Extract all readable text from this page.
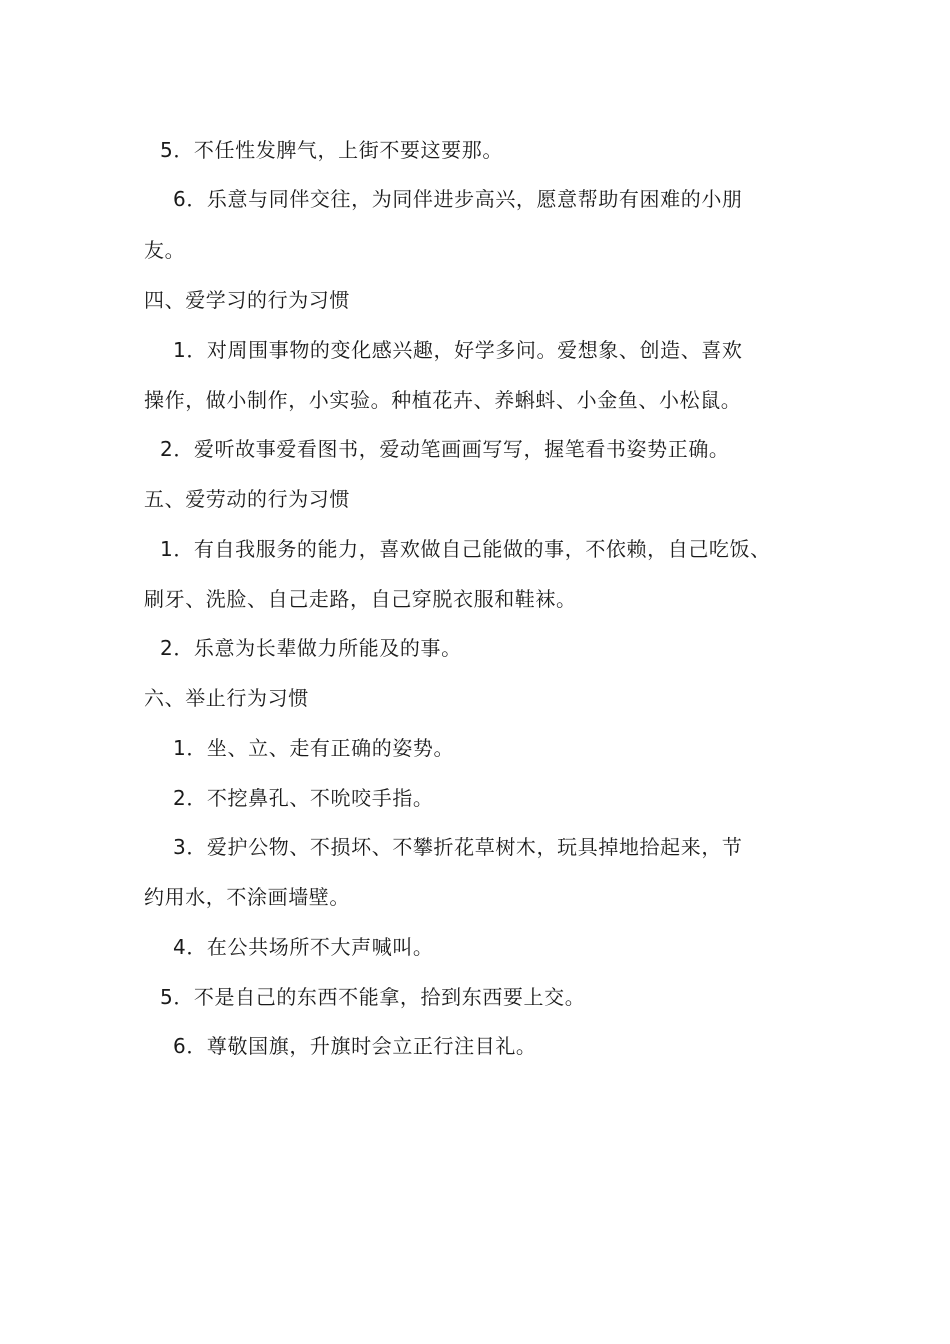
5．不任性发脾气，上街不要这要那。
6．乐意与同伴交往，为同伴进步高兴，愿意帮助有困难的小朋
友。
四、爱学习的行为习惯
1．对周围事物的变化感兴趣，好学多问。爱想象、创造、喜欢
操作，做小制作，小实验。种植花卉、养蝌蚪、小金鱼、小松鼠。
2．爱听故事爱看图书，爱动笔画画写写，握笔看书姿势正确。
五、爱劳动的行为习惯
1．有自我服务的能力，喜欢做自己能做的事，不依赖，自己吃饭、
刷牙、洗脸、自己走路，自己穿脱衣服和鞋袜。
2．乐意为长辈做力所能及的事。
六、举止行为习惯
1．坐、立、走有正确的姿势。
2．不挖鼻孔、不吮咬手指。
3．爱护公物、不损坏、不攀折花草树木，玩具掉地拾起来，节
约用水，不涂画墙壁。
4．在公共场所不大声喊叫。
5．不是自己的东西不能拿，拾到东西要上交。
6．尊敬国旗，升旗时会立正行注目礼。
